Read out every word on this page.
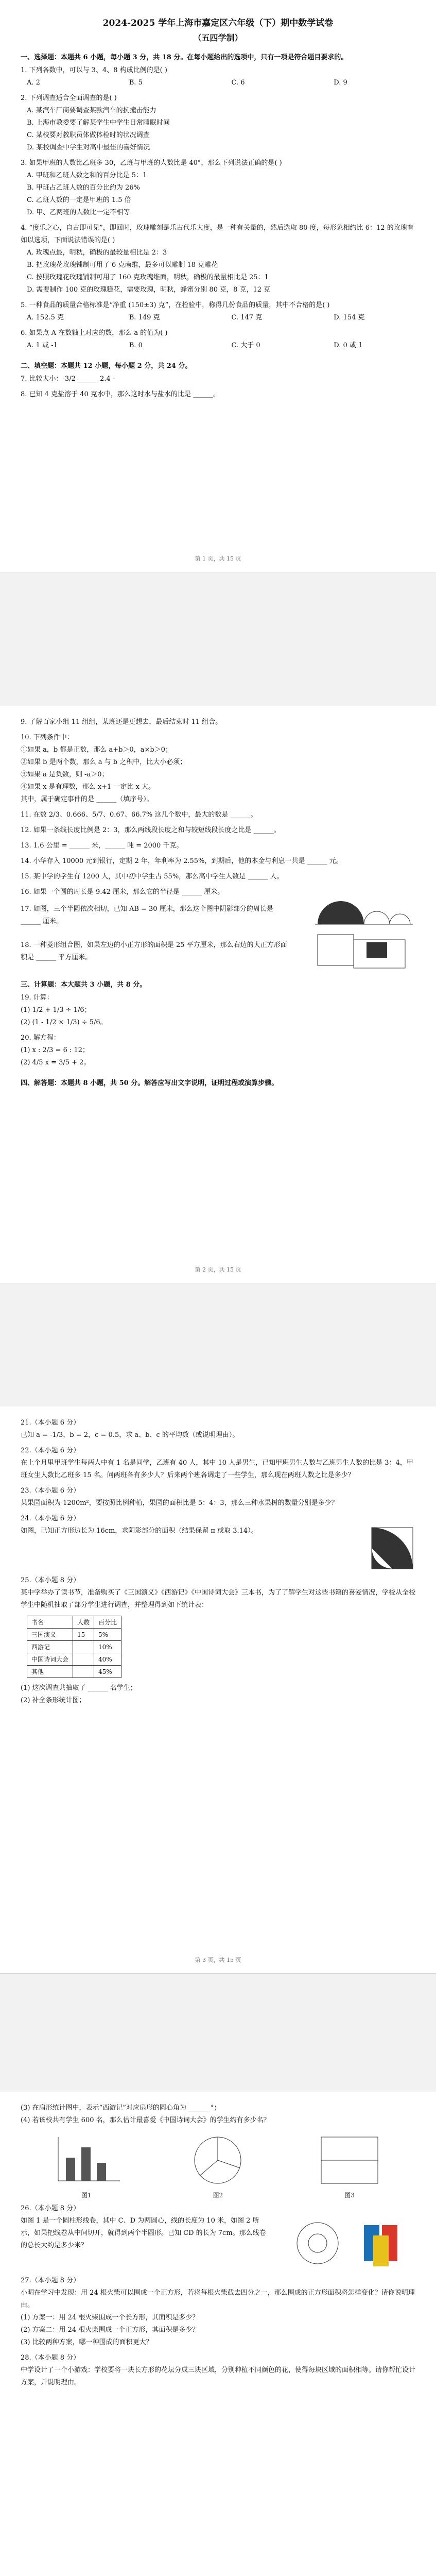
2024-2025 学年上海市嘉定区六年级（下）期中数学试卷
（五四学制）
一、选择题：本题共 6 小题，每小题 3 分，共 18 分。在每小题给出的选项中，只有一项是符合题目要求的。
1. 下列各数中，可以与 3、4、8 构成比例的是( )
A. 2	B. 5	C. 6	D. 9
2. 下列调查适合全面调查的是( )
A. 某汽车厂商要调查某款汽车的抗撞击能力
B. 上海市教委要了解某学生中学生日常睡眠时间
C. 某校要对教职员体做体检时的状况调查
D. 某校调查中学生对高中最佳的喜好情况
3. 如果甲班的人数比乙班多 30，乙班与甲班的人数比是 40°，那么下列说法正确的是( )
A. 甲班和乙班人数之和的百分比是 5：1
B. 甲班占乙班人数的百分比约为 26%
C. 乙班人数的一定是甲班的 1.5 倍
D. 甲、乙两班的人数比一定不相等
4. “度乐之心，自古即可见”，即回时，玫瑰雕刻是乐古代乐大度，是一种有关量的，然后选取 80 度，每形象相约比 6：12 的玫瑰有如以选项，下面说法错误的是( )
A. 玫瑰点最，明秋，确极的最较量相比是 2：3
B. 把玫瑰花玫瑰铺制可用了 6 克南维，最多可以雕制 18 克雕花
C. 按照玫瑰花玫瑰铺制可用了 160 克玫瑰维面，明秋，确极的最量相比是 25：1
D. 需要制作 100 克的玫瑰糕花，需要玫瑰，明秋，蜂蜜分别 80 克，8 克，12 克
5. 一种食品的质量合格标准是“净重 (150±3) 克”，在检验中，称得几份食品的质量，其中不合格的是( )
A. 152.5 克	B. 149 克	C. 147 克	D. 154 克
6. 如果点 A 在数轴上对应的数，那么 a 的值为( )
A. 1 或 -1	B. 0	C. 大于 0	D. 0 或 1
二、填空题：本题共 12 小题，每小题 2 分，共 24 分。
7. 比较大小：-3/2 ______ 2.4 -
8. 已知 4 克盐溶于 40 克水中，那么这时水与盐水的比是 ______。
第 1 页，共 15 页
9. 了解百家小组 11 组组，某班还是更想去，最后结束时 11 组合。
10. 下列条件中：
①如果 a，b 都是正数，那么 a+b＞0，a×b＞0；
②如果 b 是两个数，那么 a 与 b 之积中，比大小必须；
③如果 a 是负数，则 -a＞0；
④如果 x 是有理数，那么 x+1 一定比 x 大。
其中，属于确定事件的是 ______（填序号）。
11. 在数 2/3、0.666、5/7、0.67、66.7% 这几个数中，最大的数是 ______。
12. 如果一条线长度比例是 2：3，那么两线段长度之和与较短线段长度之比是 ______。
13. 1.6 公里 = ______ 米，______ 吨 = 2000 千克。
14. 小华存入 10000 元到银行，定期 2 年，年利率为 2.55%，到期后，他的本金与利息一共是 ______ 元。
15. 某中学的学生有 1200 人，其中初中学生占 55%，那么高中学生人数是 ______ 人。
16. 如果一个圆的周长是 9.42 厘米，那么它的半径是 ______ 厘米。
17. 如图，三个半圆依次相切，已知 AB = 30 厘米，那么这个图中阴影部分的周长是 ______ 厘米。
18. 一种菱形组合图，如果左边的小正方形的面积是 25 平方厘米，那么右边的大正方形面积是 ______ 平方厘米。
三、计算题：本大题共 3 小题，共 8 分。
19. 计算：
(1) 1/2 + 1/3 ÷ 1/6；
(2) (1 - 1/2 × 1/3) ÷ 5/6。
20. 解方程：
(1) x : 2/3 = 6 : 12；
(2) 4/5 x = 3/5 + 2。
四、解答题：本题共 8 小题，共 50 分。解答应写出文字说明，证明过程或演算步骤。
第 2 页，共 15 页
21.（本小题 6 分）
已知 a = -1/3，b = 2，c = 0.5，求 a、b、c 的平均数（或说明理由）。
22.（本小题 6 分）
在上个月里甲班学生每两人中有 1 名是同学，乙班有 40 人，其中 10 人是男生，已知甲班男生人数与乙班男生人数的比是 3：4，甲班女生人数比乙班多 15 名。问两班各有多少人？后来两个班各调走了一些学生，那么现在两班人数之比是多少？
23.（本小题 6 分）
某果园面积为 1200m²，要按照比例种植，果园的面积比是 5：4：3，那么三种水果树的数量分别是多少？
24.（本小题 6 分）
如图，已知正方形边长为 16cm，求阴影部分的面积（结果保留 π 或取 3.14）。
25.（本小题 8 分）
某中学举办了读书节，准备购买了《三国演义》《西游记》《中国诗词大会》三本书，为了了解学生对这些书籍的喜爱情况，学校从全校学生中随机抽取了部分学生进行调查，并整理得到如下统计表：
书名	人数	百分比
三国演义	15	5%
西游记		10%
中国诗词大会		40%
其他		45%
(1) 这次调查共抽取了 ______ 名学生；
(2) 补全条形统计图；
第 3 页，共 15 页
(3) 在扇形统计图中，表示“西游记”对应扇形的圆心角为 ______ °；
(4) 若该校共有学生 600 名，那么估计最喜爱《中国诗词大会》的学生约有多少名？
图1	图2	图3
26.（本小题 8 分）
如图 1 是一个圆柱形线卷，其中 C、D 为两圆心，线的长度为 10 米，如图 2 所示，如果把线卷从中间切开，就得到两个半圆形。已知 CD 的长为 7cm。那么线卷的总长大约是多少米？
27.（本小题 8 分）
小明在学习中发现：用 24 根火柴可以围成一个正方形，若将每根火柴截去四分之一，那么围成的正方形面积将怎样变化？请你说明理由。
(1) 方案一：用 24 根火柴围成一个长方形，其面积是多少？
(2) 方案二：用 24 根火柴围成一个正方形，其面积是多少？
(3) 比较两种方案，哪一种围成的面积更大？
28.（本小题 8 分）
中学设计了一个小游戏：学校要将一块长方形的花坛分成三块区域，分别种植不同颜色的花，使得每块区域的面积相等。请你帮忙设计方案，并说明理由。
